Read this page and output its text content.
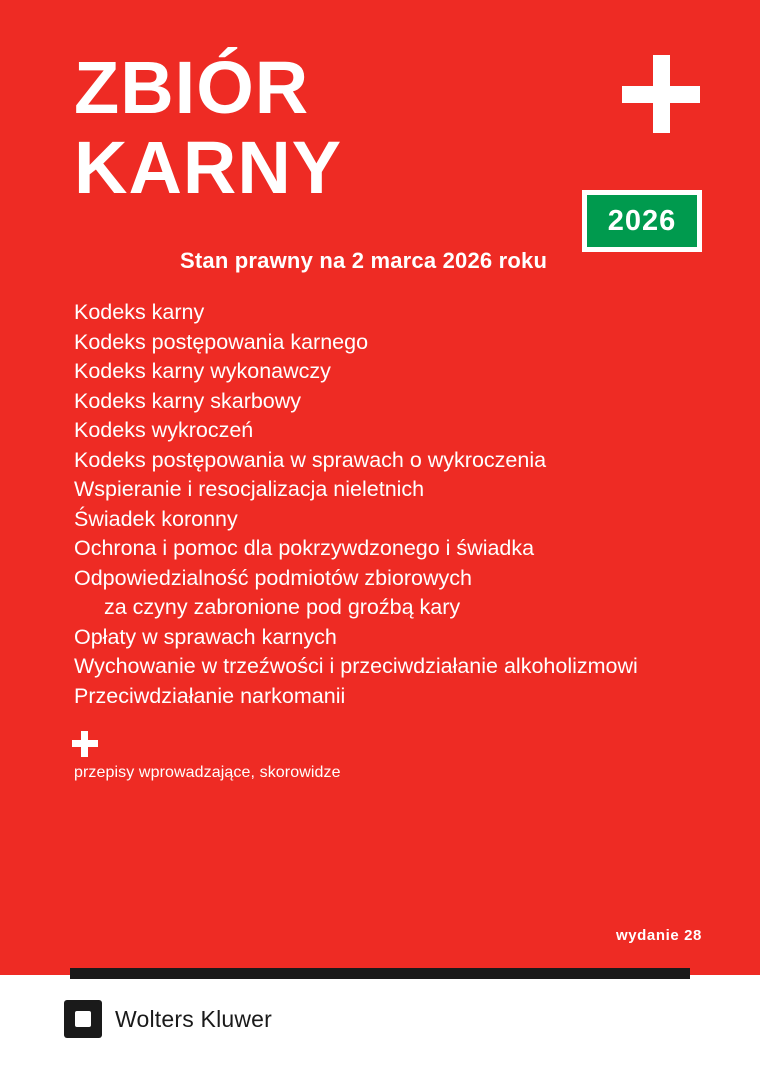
ZBIÓR
KARNY
2026
Stan prawny na 2 marca 2026 roku
Kodeks karny
Kodeks postępowania karnego
Kodeks karny wykonawczy
Kodeks karny skarbowy
Kodeks wykroczeń
Kodeks postępowania w sprawach o wykroczenia
Wspieranie i resocjalizacja nieletnich
Świadek koronny
Ochrona i pomoc dla pokrzywdzonego i świadka
Odpowiedzialność podmiotów zbiorowych
za czyny zabronione pod groźbą kary
Opłaty w sprawach karnych
Wychowanie w trzeźwości i przeciwdziałanie alkoholizmowi
Przeciwdziałanie narkomanii
przepisy wprowadzające, skorowidze
wydanie 28
Wolters Kluwer
